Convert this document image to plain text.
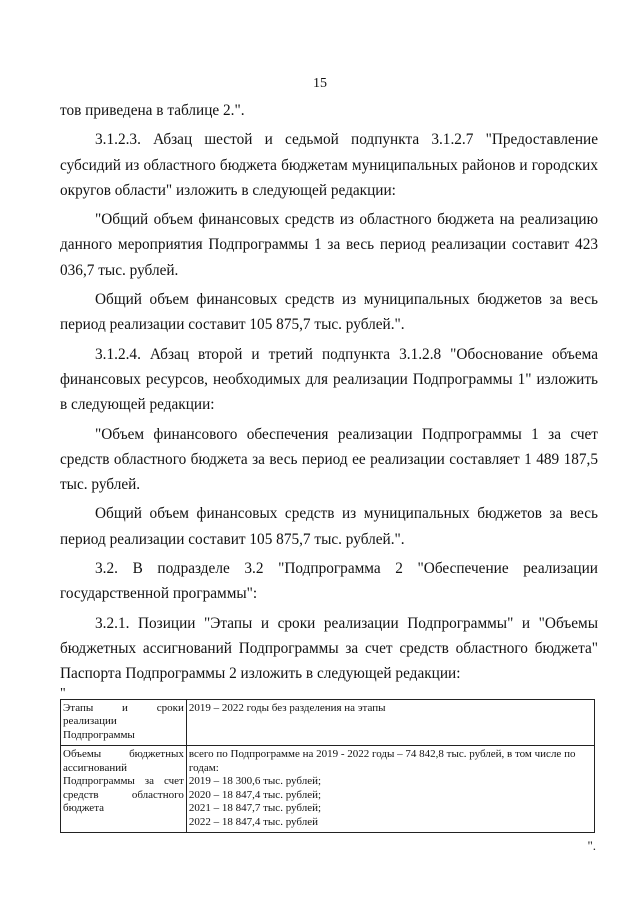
15

тов приведена в таблице 2.".

3.1.2.3. Абзац шестой и седьмой подпункта 3.1.2.7 "Предоставление субсидий из областного бюджета бюджетам муниципальных районов и городских округов области" изложить в следующей редакции:

"Общий объем финансовых средств из областного бюджета на реализацию данного мероприятия Подпрограммы 1 за весь период реализации составит 423 036,7 тыс. рублей.

Общий объем финансовых средств из муниципальных бюджетов за весь период реализации составит 105 875,7 тыс. рублей.".

3.1.2.4. Абзац второй и третий подпункта 3.1.2.8 "Обоснование объема финансовых ресурсов, необходимых для реализации Подпрограммы 1" изложить в следующей редакции:

"Объем финансового обеспечения реализации Подпрограммы 1 за счет средств областного бюджета за весь период ее реализации составляет 1 489 187,5 тыс. рублей.

Общий объем финансовых средств из муниципальных бюджетов за весь период реализации составит 105 875,7 тыс. рублей.".

3.2. В подразделе 3.2 "Подпрограмма 2 "Обеспечение реализации государственной программы":

3.2.1. Позиции "Этапы и сроки реализации Подпрограммы" и "Объемы бюджетных ассигнований Подпрограммы за счет средств областного бюджета" Паспорта Подпрограммы 2 изложить в следующей редакции:

"
Этапы и сроки реализации Подпрограммы	2019 – 2022 годы без разделения на этапы
Объемы бюджетных ассигнований Подпрограммы за счет средств областного бюджета	всего по Подпрограмме на 2019 - 2022 годы – 74 842,8 тыс. рублей, в том числе по годам:
2019 – 18 300,6 тыс. рублей;
2020 – 18 847,4 тыс. рублей;
2021 – 18 847,7 тыс. рублей;
2022 – 18 847,4 тыс. рублей
".
